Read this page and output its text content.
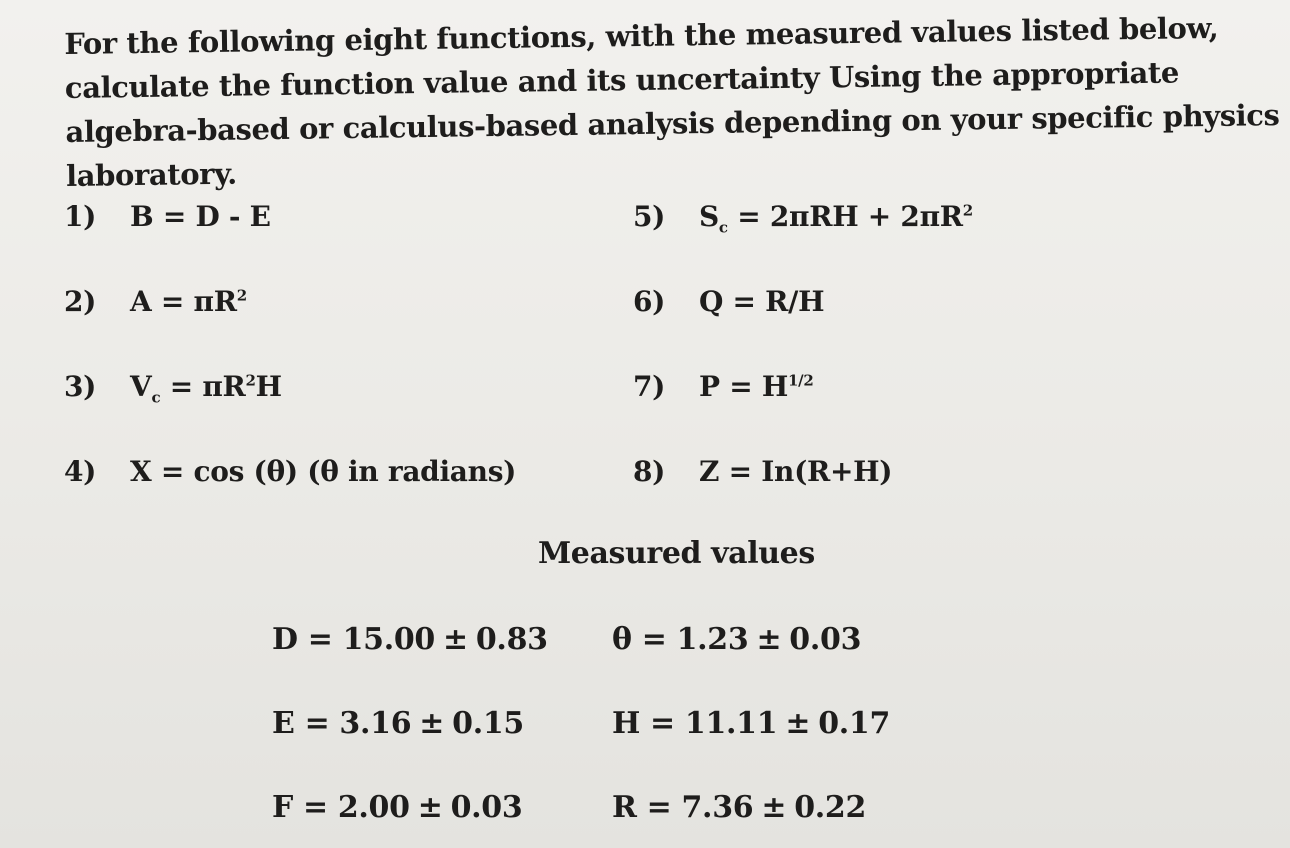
For the following eight functions, with the measured values listed below, calculate the function value and its uncertainty Using the appropriate algebra-based or calculus-based analysis depending on your specific physics laboratory.

1) B = D - E
2) $A = \pi R^2$
3) $V_c = \pi R^2H$
4) X = cos (θ) (θ in radians)
5) $S_c = 2\pi RH + 2\pi R^2$
6) Q = R/H
7) $P = H^{1/2}$
8) Z = In(R+H)
Measured values
D = 15.00 ± 0.83 θ = 1.23 ± 0.03
E = 3.16 ± 0.15	H = 11.11 ± 0.17
F = 2.00 ± 0.03	R = 7.36 ± 0.22
